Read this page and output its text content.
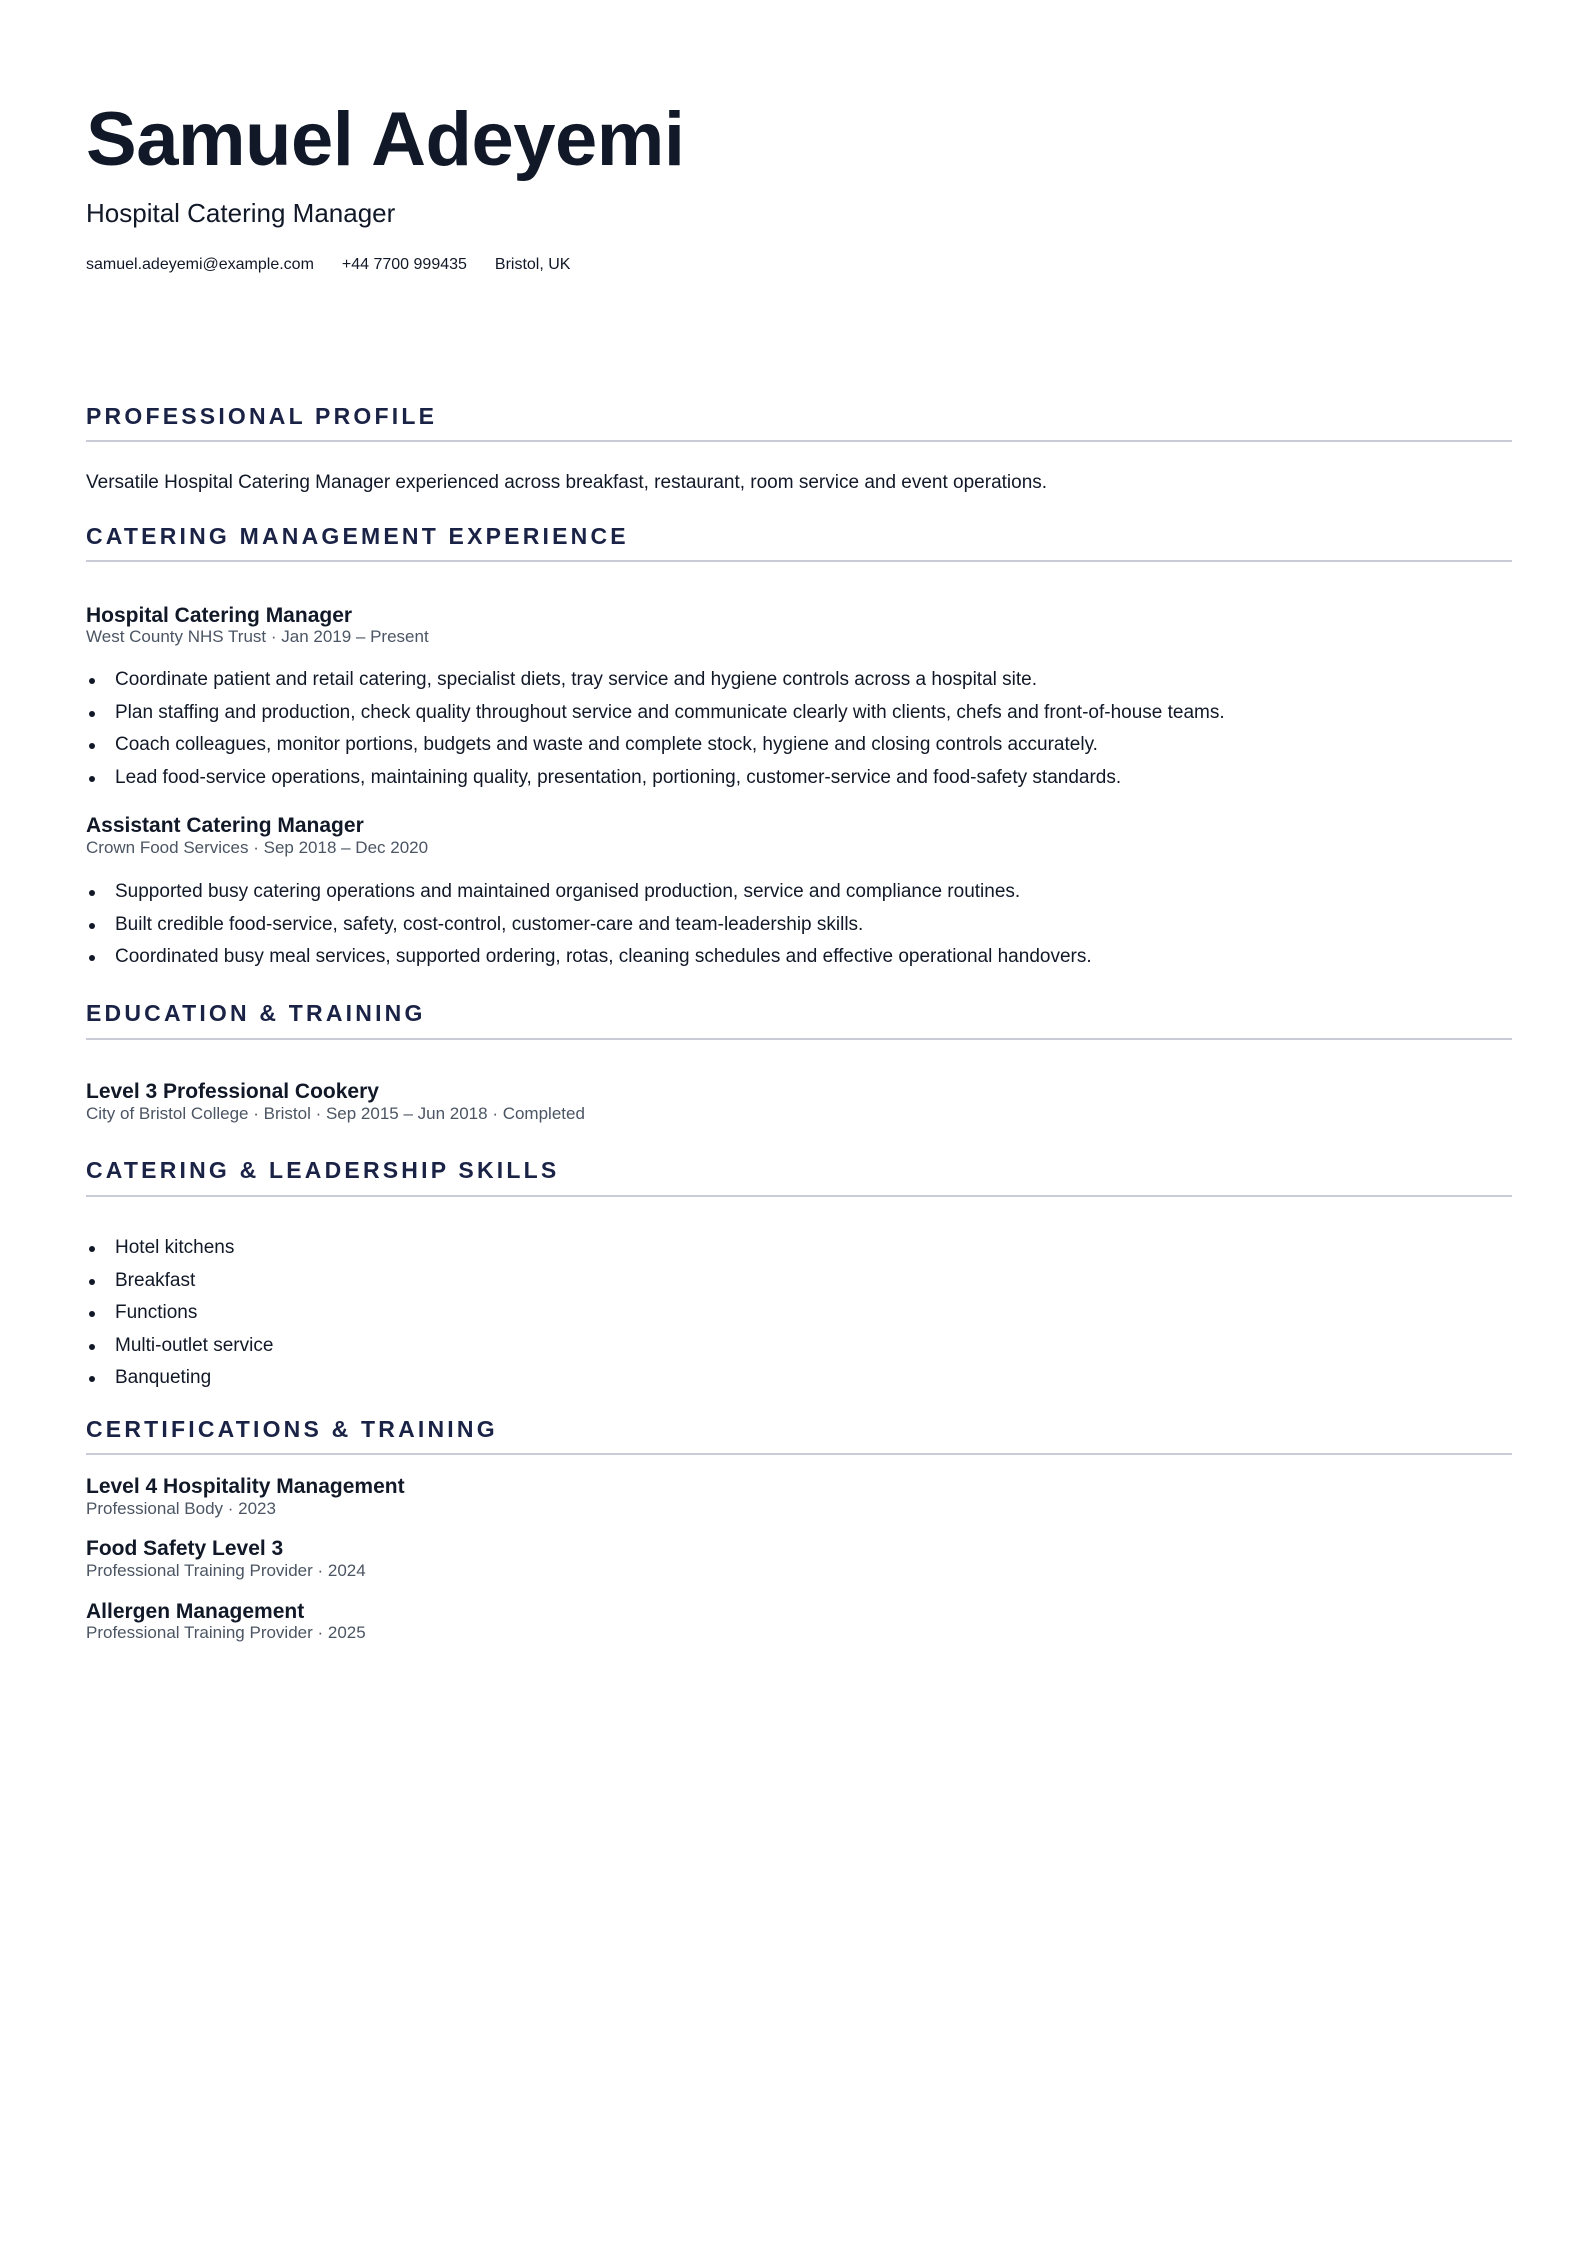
Samuel Adeyemi
Hospital Catering Manager
samuel.adeyemi@example.com +44 7700 999435 Bristol, UK
PROFESSIONAL PROFILE
Versatile Hospital Catering Manager experienced across breakfast, restaurant, room service and event operations.
CATERING MANAGEMENT EXPERIENCE
Hospital Catering Manager
West County NHS Trust · Jan 2019 – Present
Coordinate patient and retail catering, specialist diets, tray service and hygiene controls across a hospital site.
Plan staffing and production, check quality throughout service and communicate clearly with clients, chefs and front-of-house teams.
Coach colleagues, monitor portions, budgets and waste and complete stock, hygiene and closing controls accurately.
Lead food-service operations, maintaining quality, presentation, portioning, customer-service and food-safety standards.
Assistant Catering Manager
Crown Food Services · Sep 2018 – Dec 2020
Supported busy catering operations and maintained organised production, service and compliance routines.
Built credible food-service, safety, cost-control, customer-care and team-leadership skills.
Coordinated busy meal services, supported ordering, rotas, cleaning schedules and effective operational handovers.
EDUCATION & TRAINING
Level 3 Professional Cookery
City of Bristol College · Bristol · Sep 2015 – Jun 2018 · Completed
CATERING & LEADERSHIP SKILLS
Hotel kitchens
Breakfast
Functions
Multi-outlet service
Banqueting
CERTIFICATIONS & TRAINING
Level 4 Hospitality Management
Professional Body · 2023
Food Safety Level 3
Professional Training Provider · 2024
Allergen Management
Professional Training Provider · 2025
